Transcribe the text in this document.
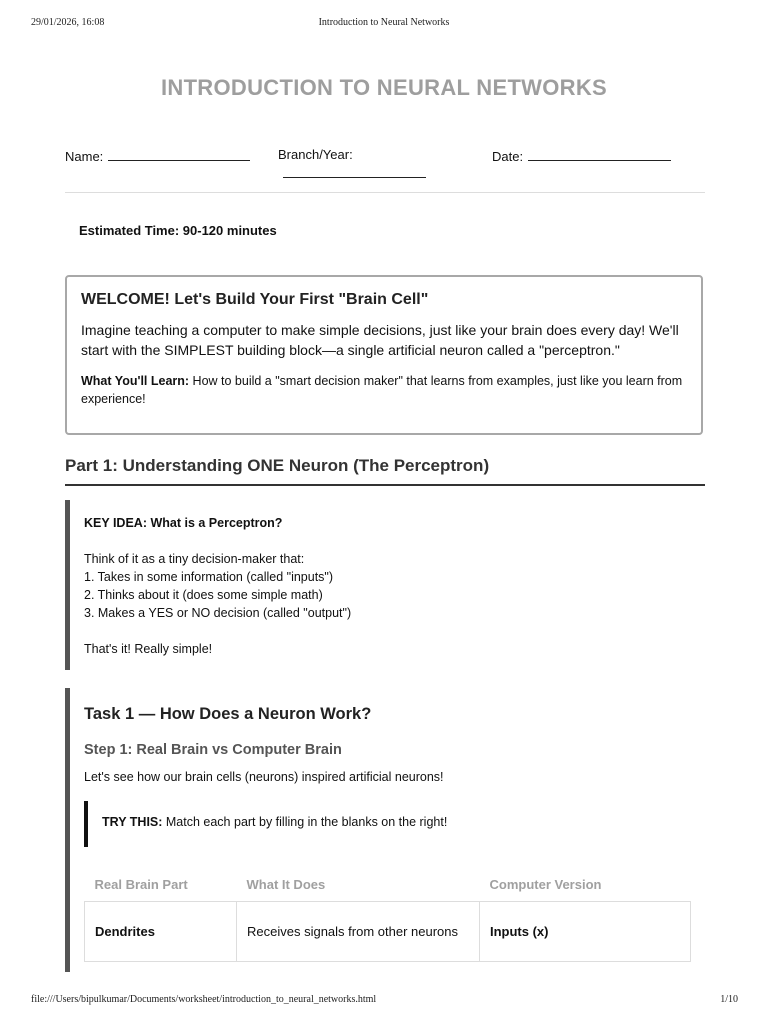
29/01/2026, 16:08	Introduction to Neural Networks
INTRODUCTION TO NEURAL NETWORKS
Name:	Branch/Year:	Date:
Estimated Time: 90-120 minutes
WELCOME! Let's Build Your First "Brain Cell"

Imagine teaching a computer to make simple decisions, just like your brain does every day! We'll start with the SIMPLEST building block—a single artificial neuron called a "perceptron."

What You'll Learn: How to build a "smart decision maker" that learns from examples, just like you learn from experience!

Part 1: Understanding ONE Neuron (The Perceptron)
KEY IDEA: What is a Perceptron?
Think of it as a tiny decision-maker that:
1. Takes in some information (called "inputs")
2. Thinks about it (does some simple math)
3. Makes a YES or NO decision (called "output")
That's it! Really simple!
Task 1 — How Does a Neuron Work?
Step 1: Real Brain vs Computer Brain
Let's see how our brain cells (neurons) inspired artificial neurons!
TRY THIS: Match each part by filling in the blanks on the right!
Real Brain Part	What It Does	Computer Version
Dendrites	Receives signals from other neurons	Inputs (x)
file:///Users/bipulkumar/Documents/worksheet/introduction_to_neural_networks.html	1/10
